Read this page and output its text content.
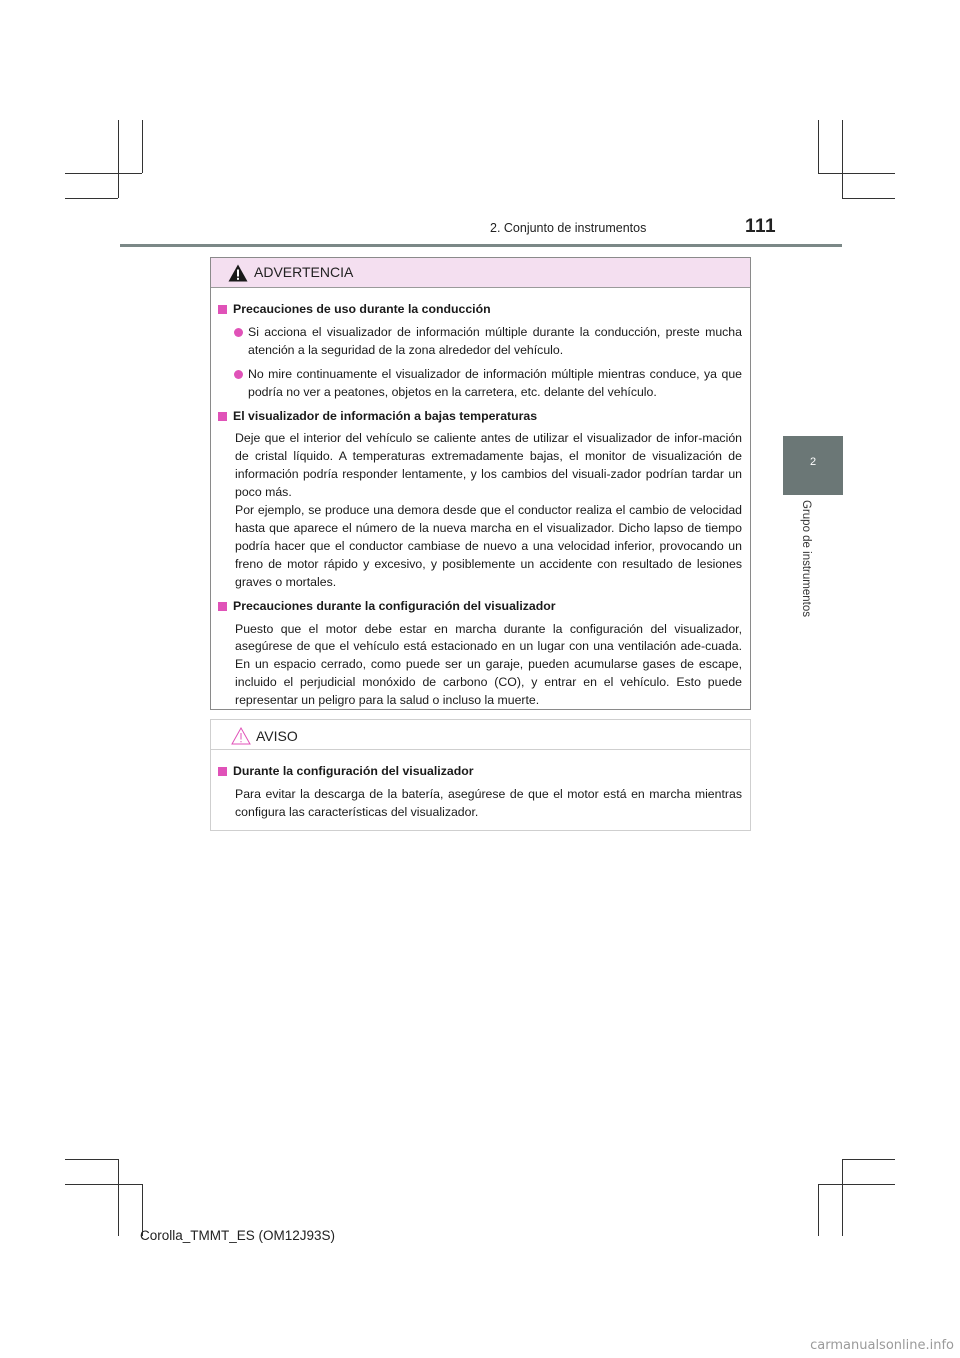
2. Conjunto de instrumentos	111
2
Grupo de instrumentos
ADVERTENCIA
Precauciones de uso durante la conducción
Si acciona el visualizador de información múltiple durante la conducción, preste mucha atención a la seguridad de la zona alrededor del vehículo.
No mire continuamente el visualizador de información múltiple mientras conduce, ya que podría no ver a peatones, objetos en la carretera, etc. delante del vehículo.
El visualizador de información a bajas temperaturas
Deje que el interior del vehículo se caliente antes de utilizar el visualizador de infor-mación de cristal líquido. A temperaturas extremadamente bajas, el monitor de visualización de información podría responder lentamente, y los cambios del visuali-zador podrían tardar un poco más.
Por ejemplo, se produce una demora desde que el conductor realiza el cambio de velocidad hasta que aparece el número de la nueva marcha en el visualizador. Dicho lapso de tiempo podría hacer que el conductor cambiase de nuevo a una velocidad inferior, provocando un freno de motor rápido y excesivo, y posiblemente un accidente con resultado de lesiones graves o mortales.
Precauciones durante la configuración del visualizador
Puesto que el motor debe estar en marcha durante la configuración del visualizador, asegúrese de que el vehículo está estacionado en un lugar con una ventilación ade-cuada. En un espacio cerrado, como puede ser un garaje, pueden acumularse gases de escape, incluido el perjudicial monóxido de carbono (CO), y entrar en el vehículo. Esto puede representar un peligro para la salud o incluso la muerte.
AVISO
Durante la configuración del visualizador
Para evitar la descarga de la batería, asegúrese de que el motor está en marcha mientras configura las características del visualizador.
Corolla_TMMT_ES (OM12J93S)
carmanualsonline.info
